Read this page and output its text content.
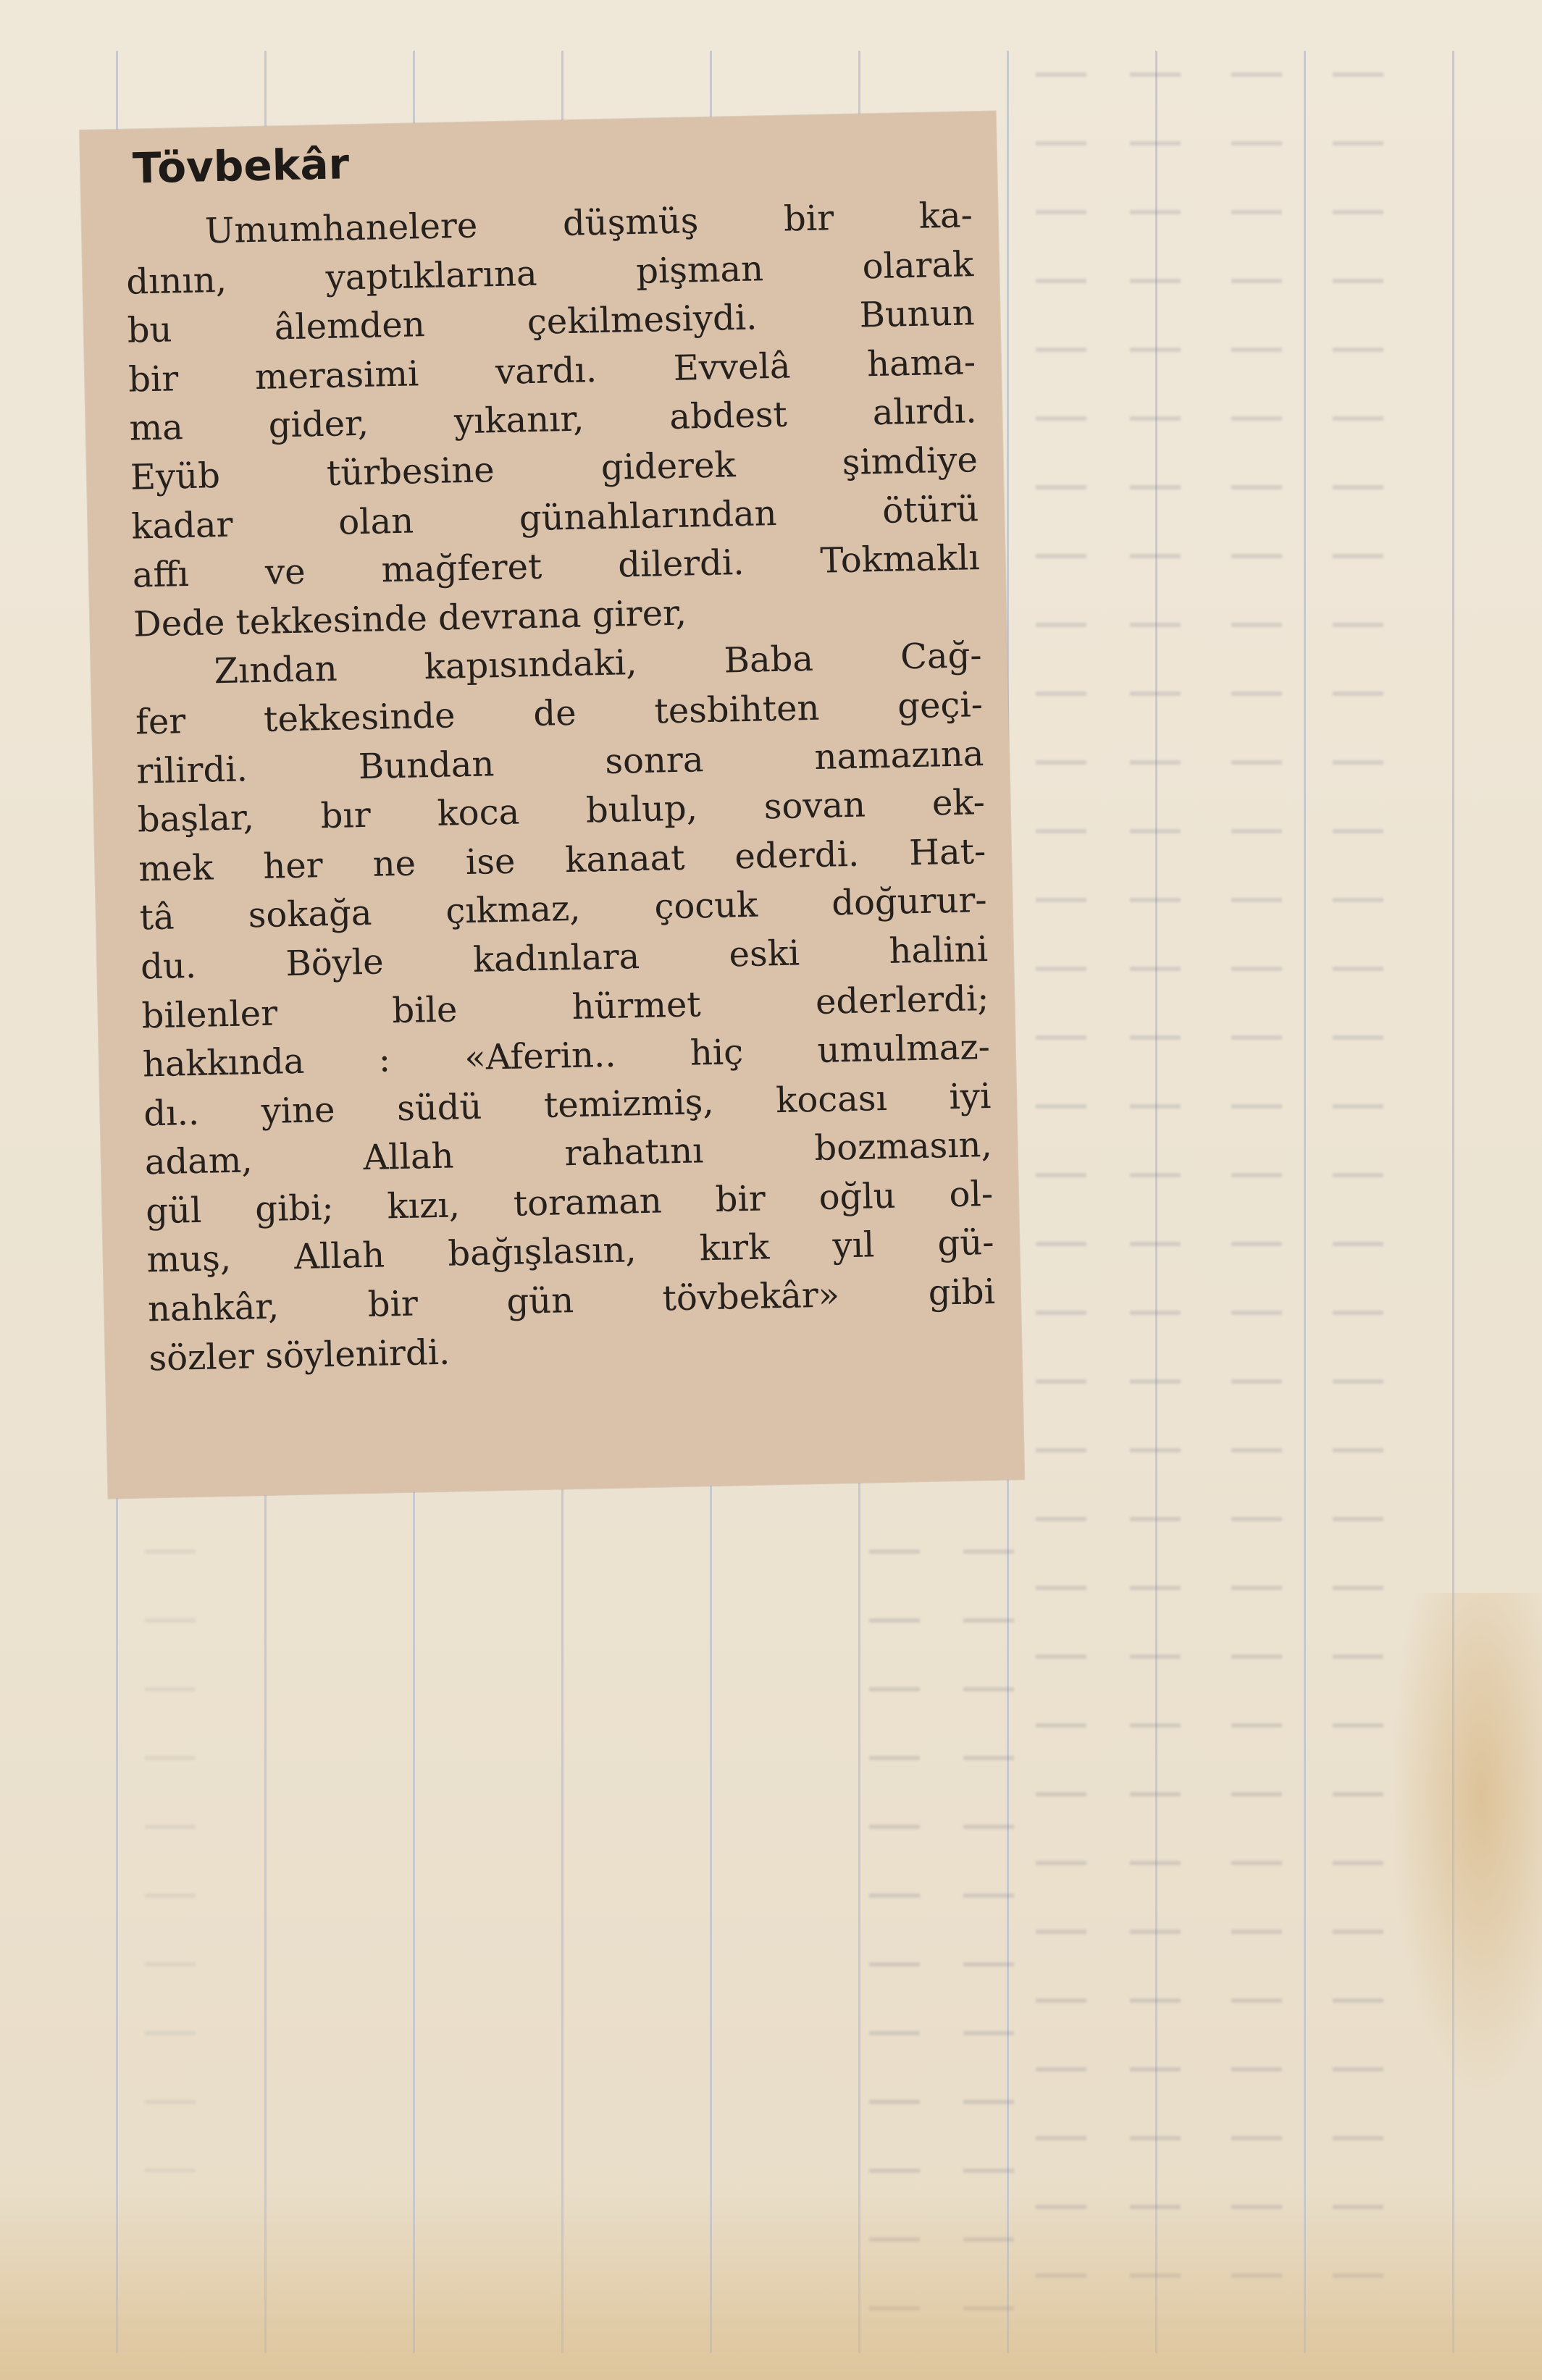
Tövbekâr
Umumhanelere düşmüş bir ka-
dının, yaptıklarına pişman olarak
bu âlemden çekilmesiydi. Bunun
bir merasimi vardı. Evvelâ hama-
ma gider, yıkanır, abdest alırdı.
Eyüb türbesine giderek şimdiye
kadar olan günahlarından ötürü
affı ve mağferet dilerdi. Tokmaklı
Dede tekkesinde devrana girer,
Zından kapısındaki, Baba Cağ-
fer tekkesinde de tesbihten geçi-
rilirdi. Bundan sonra namazına
başlar, bır koca bulup, sovan ek-
mek her ne ise kanaat ederdi. Hat-
tâ sokağa çıkmaz, çocuk doğurur-
du. Böyle kadınlara eski halini
bilenler bile hürmet ederlerdi;
hakkında : «Aferin.. hiç umulmaz-
dı.. yine südü temizmiş, kocası iyi
adam, Allah rahatını bozmasın,
gül gibi; kızı, toraman bir oğlu ol-
muş, Allah bağışlasın, kırk yıl gü-
nahkâr, bir gün tövbekâr» gibi
sözler söylenirdi.
